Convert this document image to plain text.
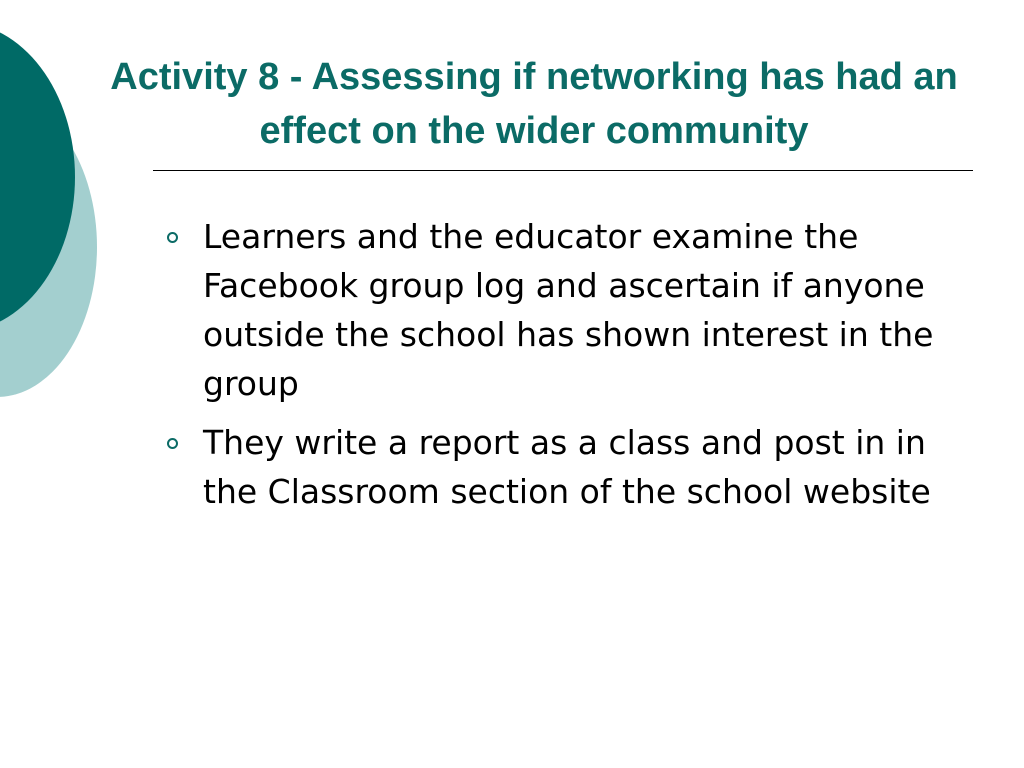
Activity 8 - Assessing if networking has had an effect on the wider community
Learners and the educator examine the Facebook group log and ascertain if anyone outside the school has shown interest in the group
They write a report as a class and post in in the Classroom section of the school website
